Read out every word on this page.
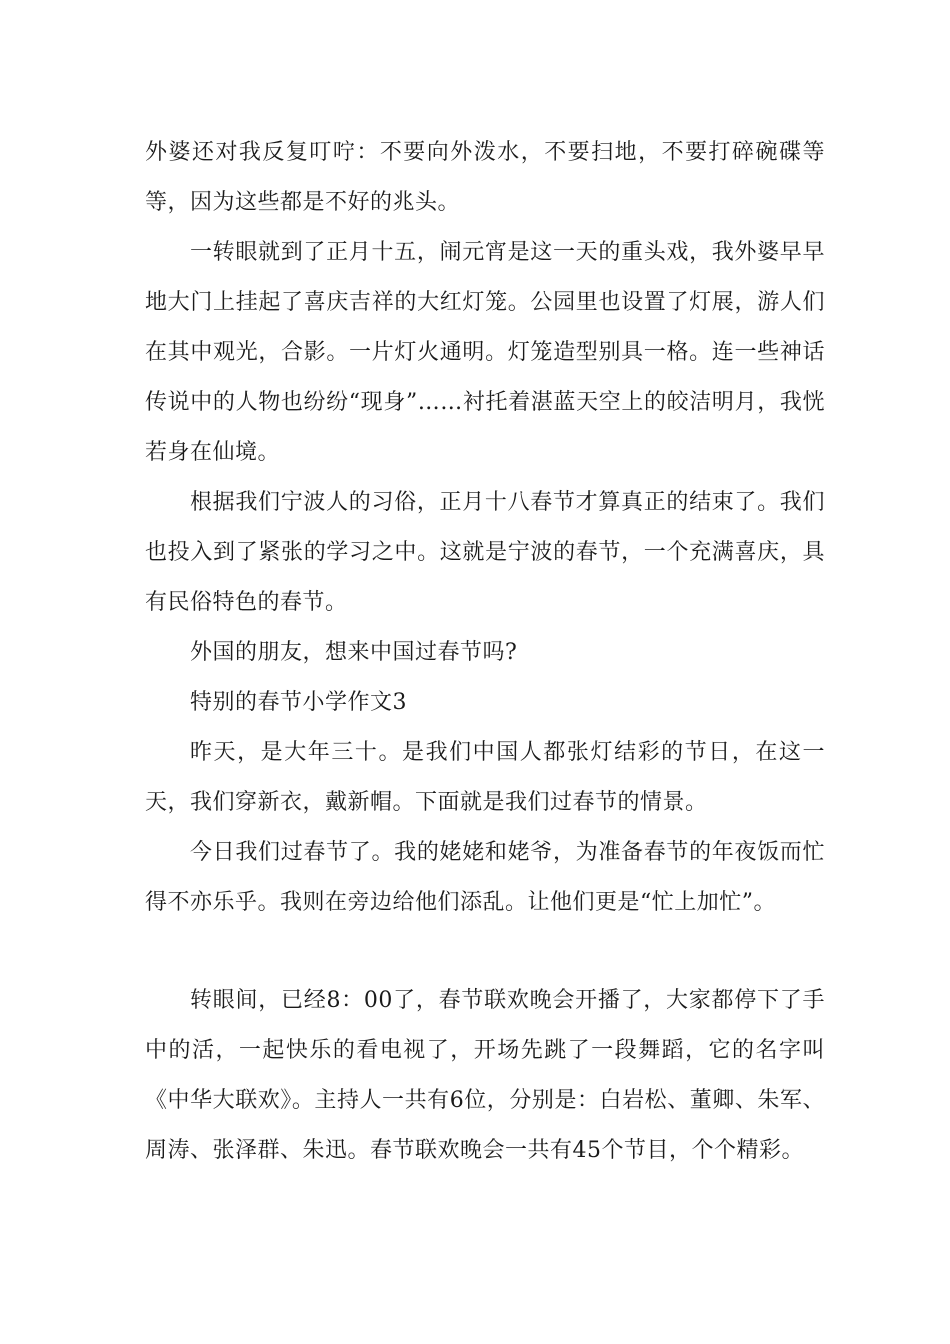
外婆还对我反复叮咛：不要向外泼水，不要扫地，不要打碎碗碟等等，因为这些都是不好的兆头。

一转眼就到了正月十五，闹元宵是这一天的重头戏，我外婆早早地大门上挂起了喜庆吉祥的大红灯笼。公园里也设置了灯展，游人们在其中观光，合影。一片灯火通明。灯笼造型别具一格。连一些神话传说中的人物也纷纷“现身”……衬托着湛蓝天空上的皎洁明月，我恍若身在仙境。

根据我们宁波人的习俗，正月十八春节才算真正的结束了。我们也投入到了紧张的学习之中。这就是宁波的春节，一个充满喜庆，具有民俗特色的春节。

外国的朋友，想来中国过春节吗?

特别的春节小学作文3

昨天，是大年三十。是我们中国人都张灯结彩的节日，在这一天，我们穿新衣，戴新帽。下面就是我们过春节的情景。

今日我们过春节了。我的姥姥和姥爷，为准备春节的年夜饭而忙得不亦乐乎。我则在旁边给他们添乱。让他们更是“忙上加忙”。

转眼间，已经8：00了，春节联欢晚会开播了，大家都停下了手中的活，一起快乐的看电视了，开场先跳了一段舞蹈，它的名字叫《中华大联欢》。主持人一共有6位，分别是：白岩松、董卿、朱军、周涛、张泽群、朱迅。春节联欢晚会一共有45个节目，个个精彩。
